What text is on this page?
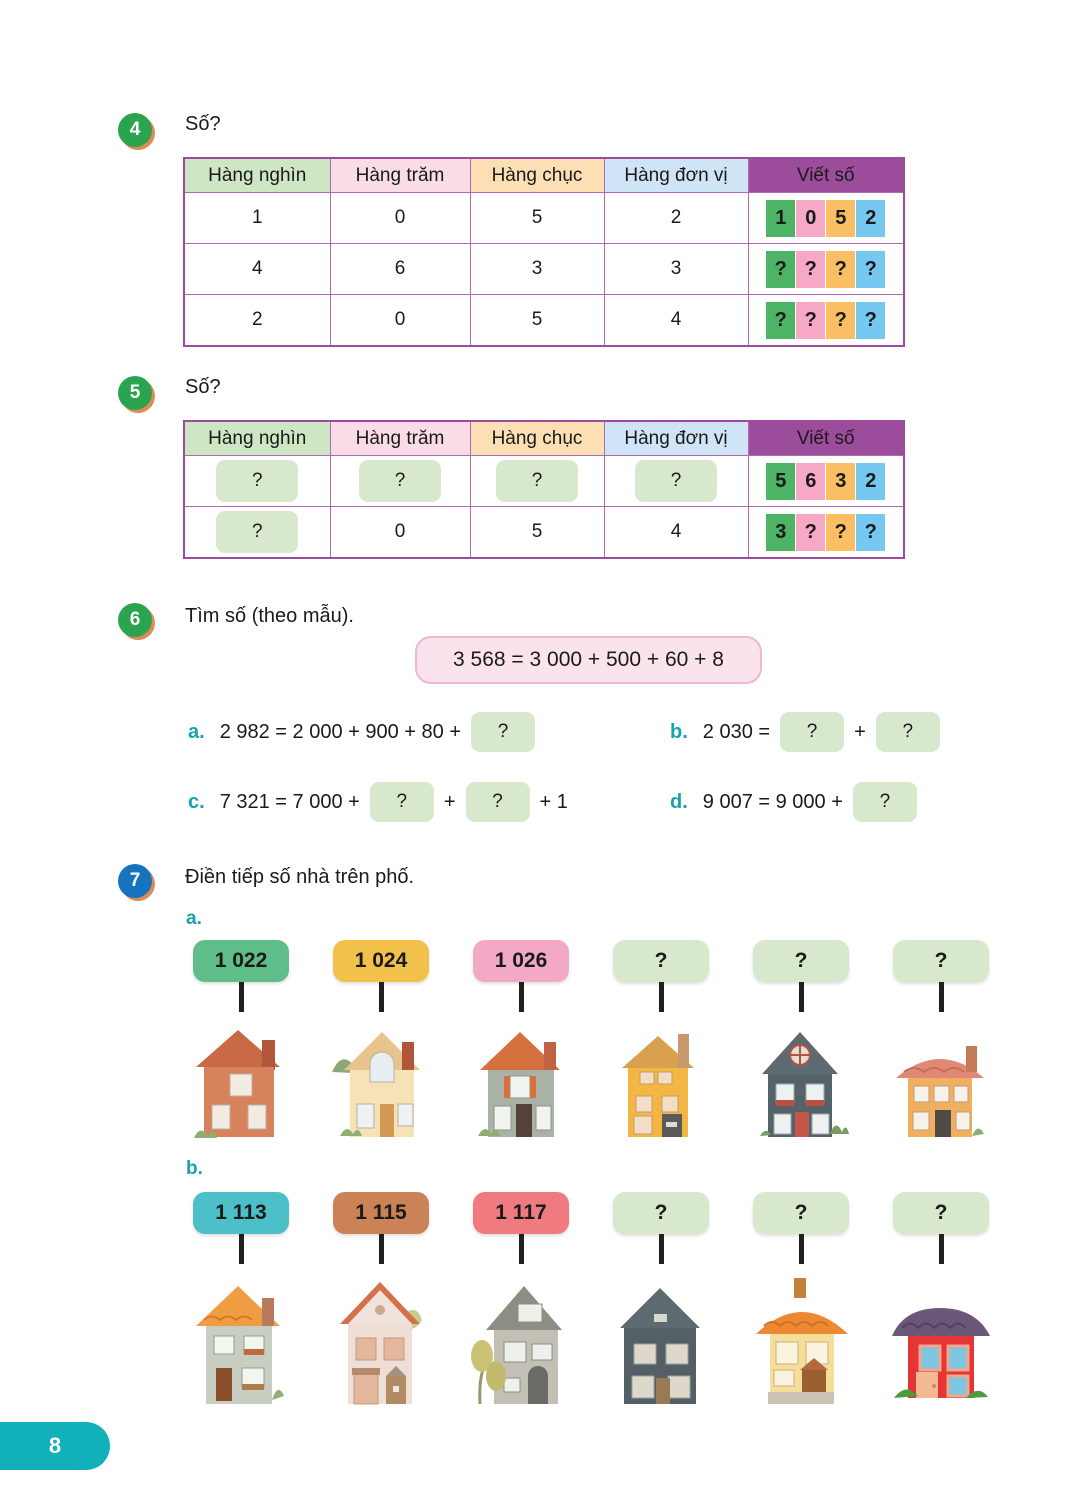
4	Số?
Hàng nghìn	Hàng trăm	Hàng chục	Hàng đơn vị	Viết số
1	0	5	2	1 0 5 2

4	6	3	3	? ? ? ?

2	0	5	4	? ? ? ?
5	Số?
Hàng nghìn	Hàng trăm	Hàng chục	Hàng đơn vị	Viết số
?	?	?	?	5 6 3 2

?	0	5	4	3 ? ? ?
6	Tìm số (theo mẫu).
3 568 = 3 000 + 500 + 60 + 8
a. 2 982 = 2 000 + 900 + 80 +	?	b. 2 030 =	?	+	?
c. 7 321 = 7 000 +	?	+	?	+ 1	d. 9 007 = 9 000 +	?
7	Điền tiếp số nhà trên phố.
a.
1 022	1 024	1 026	?	?	?
b.
1 113	1 115	1 117	?	?	?
8
